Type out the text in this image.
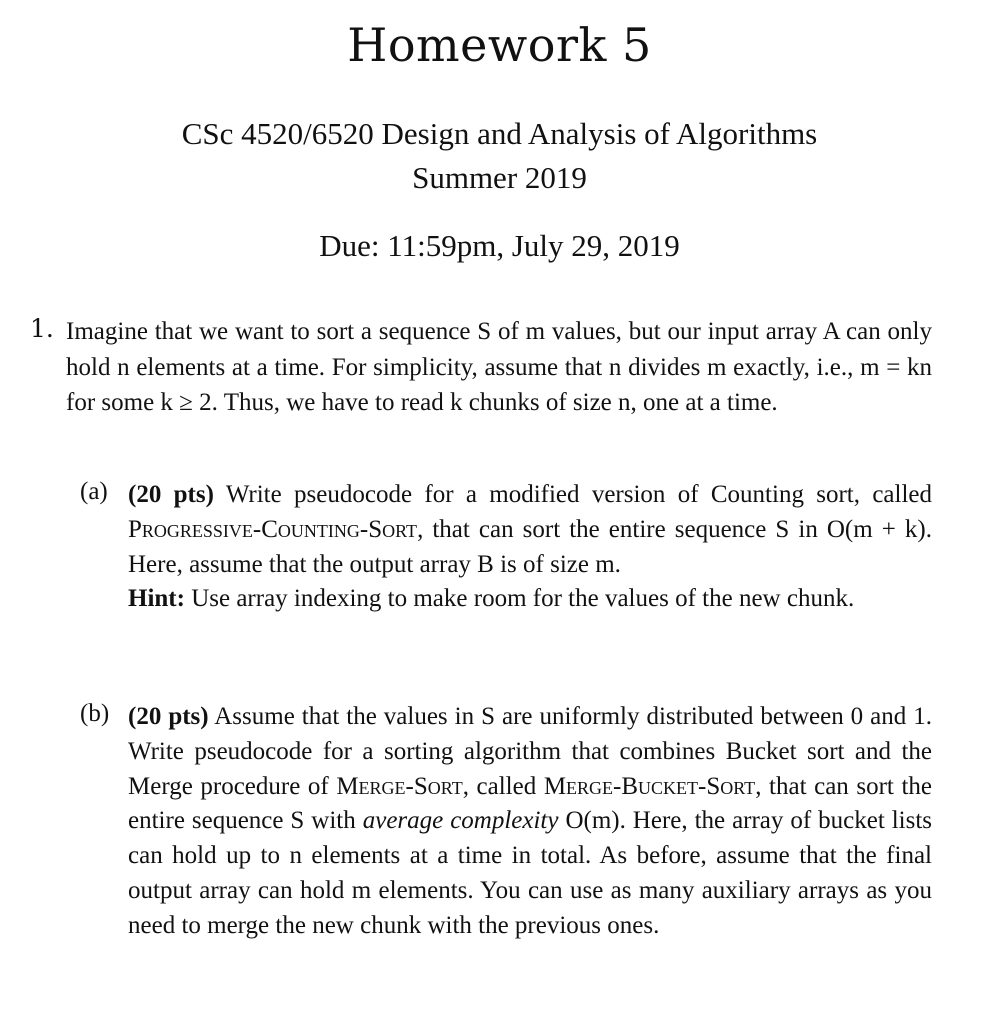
Homework 5
CSc 4520/6520 Design and Analysis of Algorithms
Summer 2019
Due: 11:59pm, July 29, 2019
1. Imagine that we want to sort a sequence S of m values, but our input array A can only hold n elements at a time. For simplicity, assume that n divides m exactly, i.e., m = kn for some k ≥ 2. Thus, we have to read k chunks of size n, one at a time.
(a) (20 pts) Write pseudocode for a modified version of Counting sort, called Progressive-Counting-Sort, that can sort the entire sequence S in O(m + k). Here, assume that the output array B is of size m.
Hint: Use array indexing to make room for the values of the new chunk.
(b) (20 pts) Assume that the values in S are uniformly distributed between 0 and 1. Write pseudocode for a sorting algorithm that combines Bucket sort and the Merge procedure of Merge-Sort, called Merge-Bucket-Sort, that can sort the entire sequence S with average complexity O(m). Here, the array of bucket lists can hold up to n elements at a time in total. As before, assume that the final output array can hold m elements. You can use as many auxiliary arrays as you need to merge the new chunk with the previous ones.
